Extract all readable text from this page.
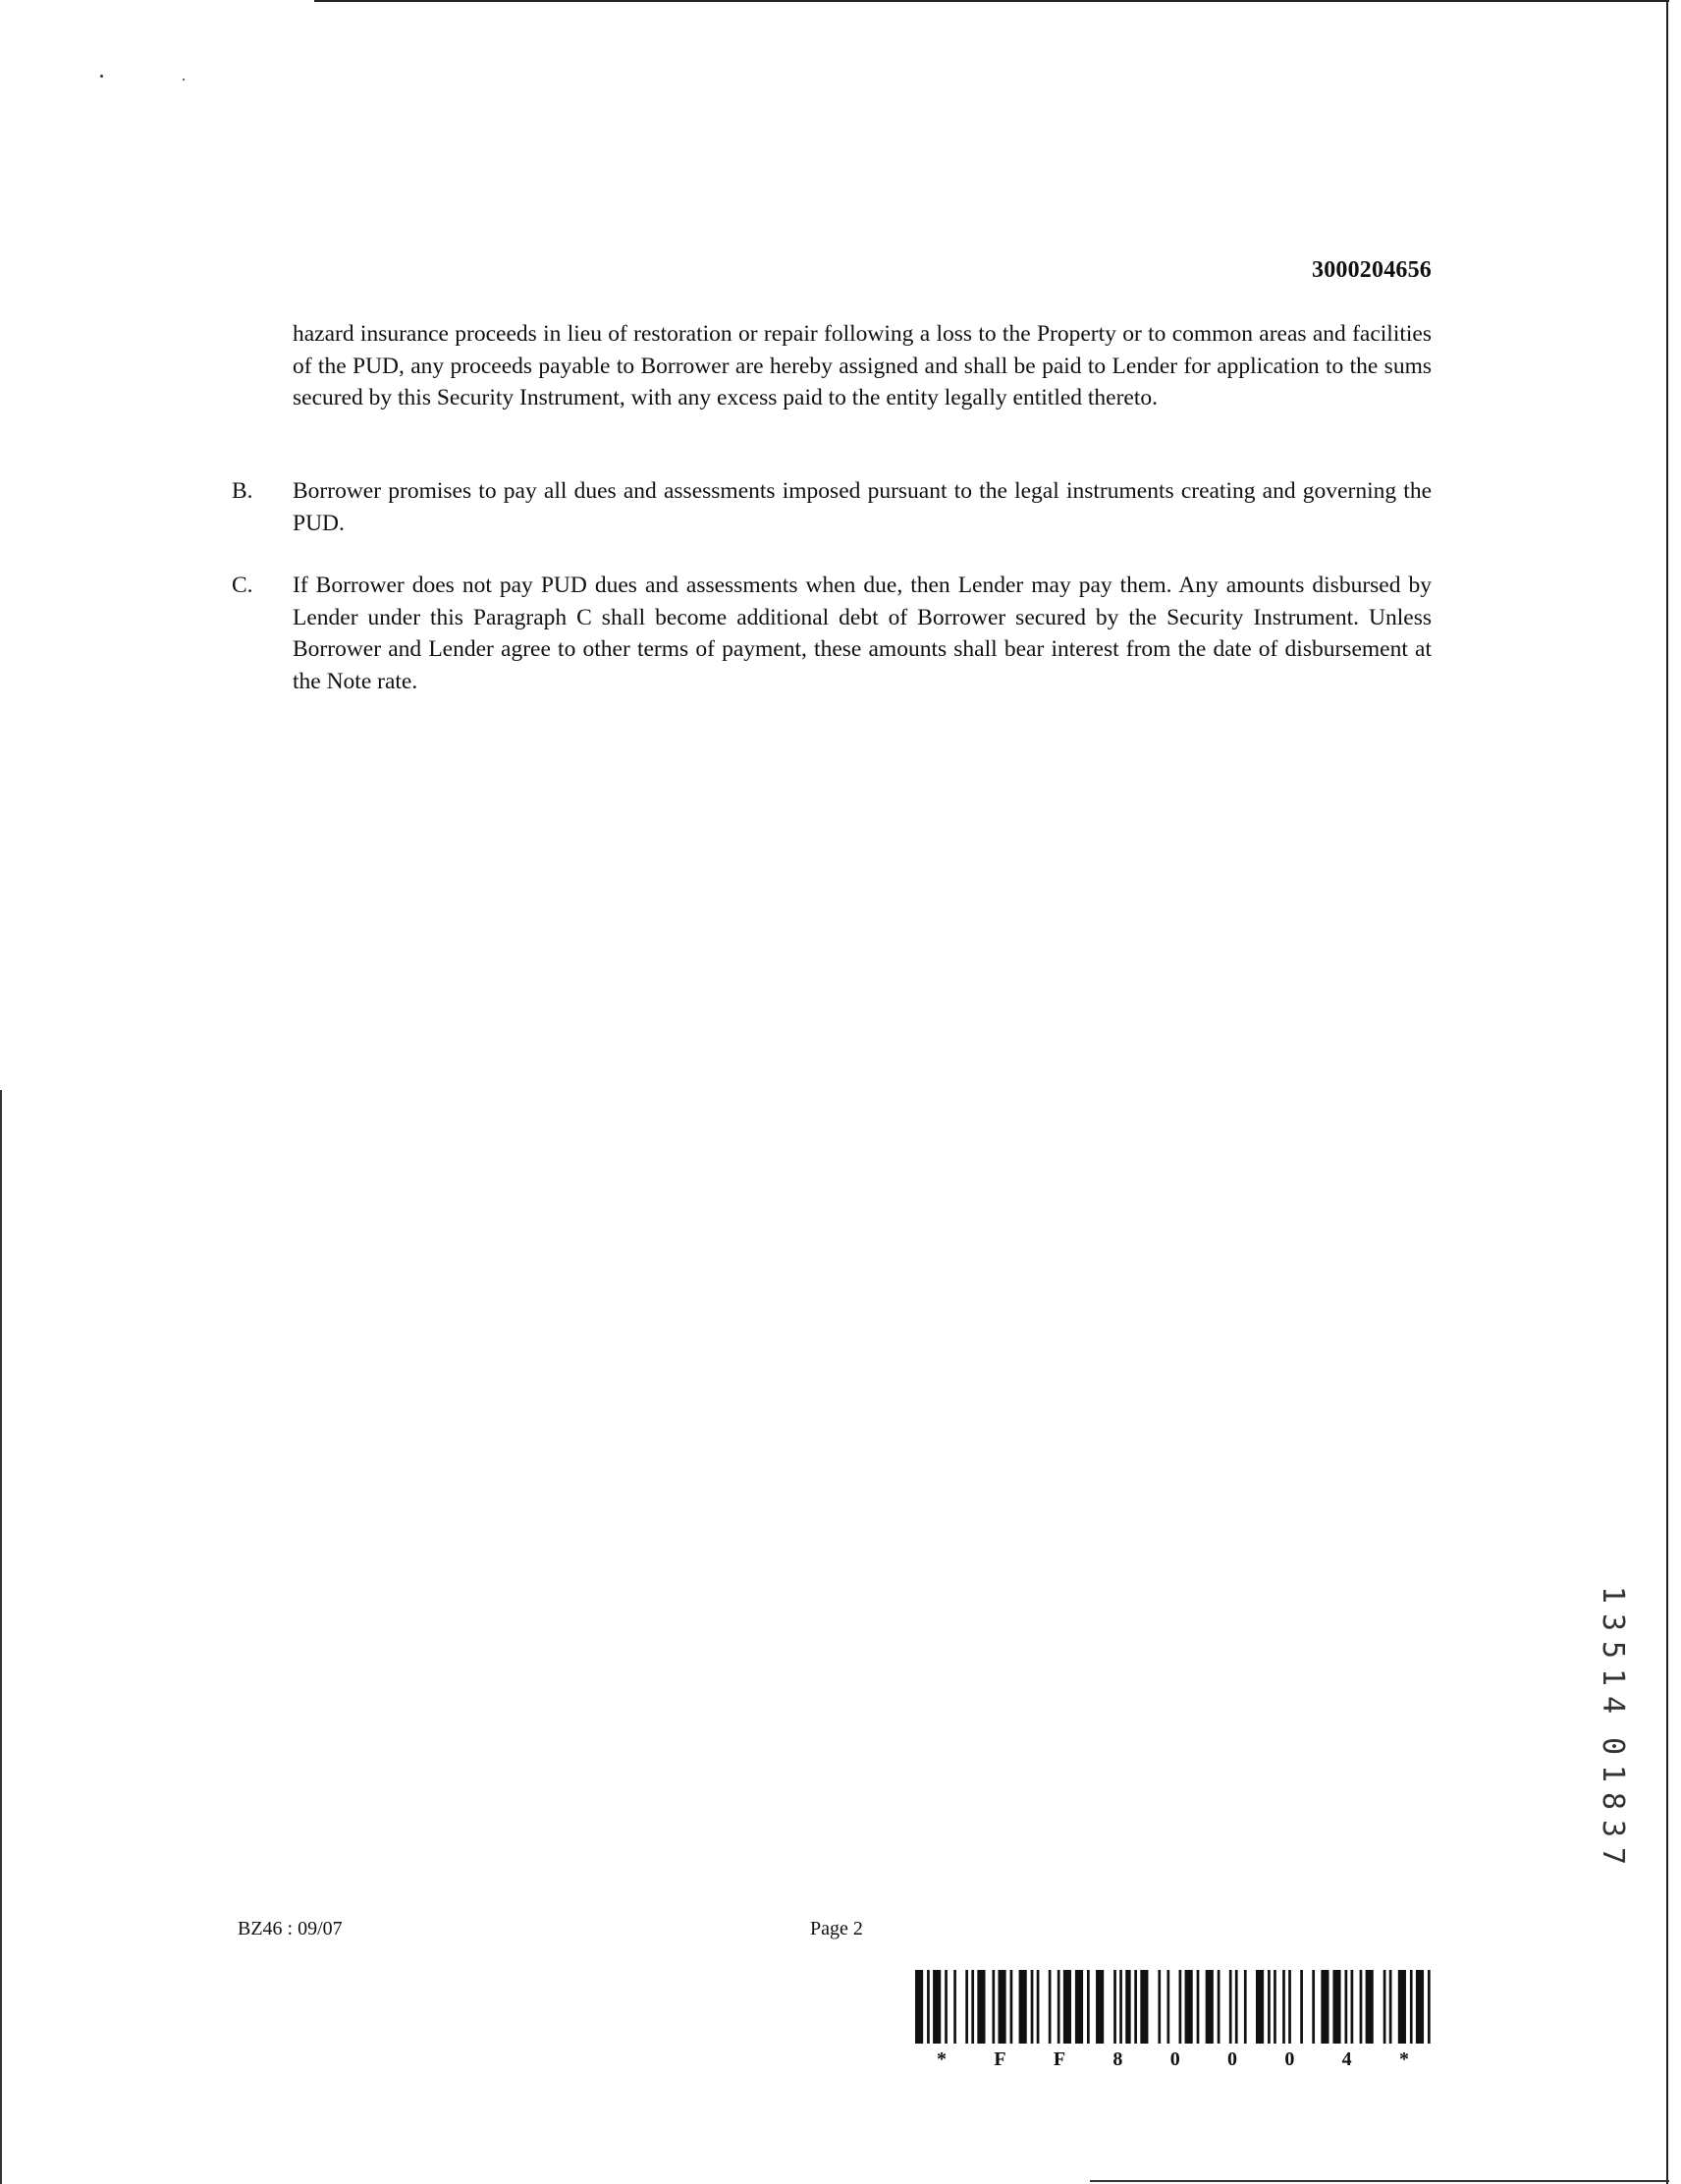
3000204656
hazard insurance proceeds in lieu of restoration or repair following a loss to the Property or to common areas and facilities of the PUD, any proceeds payable to Borrower are hereby assigned and shall be paid to Lender for application to the sums secured by this Security Instrument, with any excess paid to the entity legally entitled thereto.
B. Borrower promises to pay all dues and assessments imposed pursuant to the legal instruments creating and governing the PUD.
C. If Borrower does not pay PUD dues and assessments when due, then Lender may pay them. Any amounts disbursed by Lender under this Paragraph C shall become additional debt of Borrower secured by the Security Instrument. Unless Borrower and Lender agree to other terms of payment, these amounts shall bear interest from the date of disbursement at the Note rate.
1
3
5
1
4
0
1
8
3
7
BZ46 : 09/07	Page 2
* F F 8 0 0 0 4 *
